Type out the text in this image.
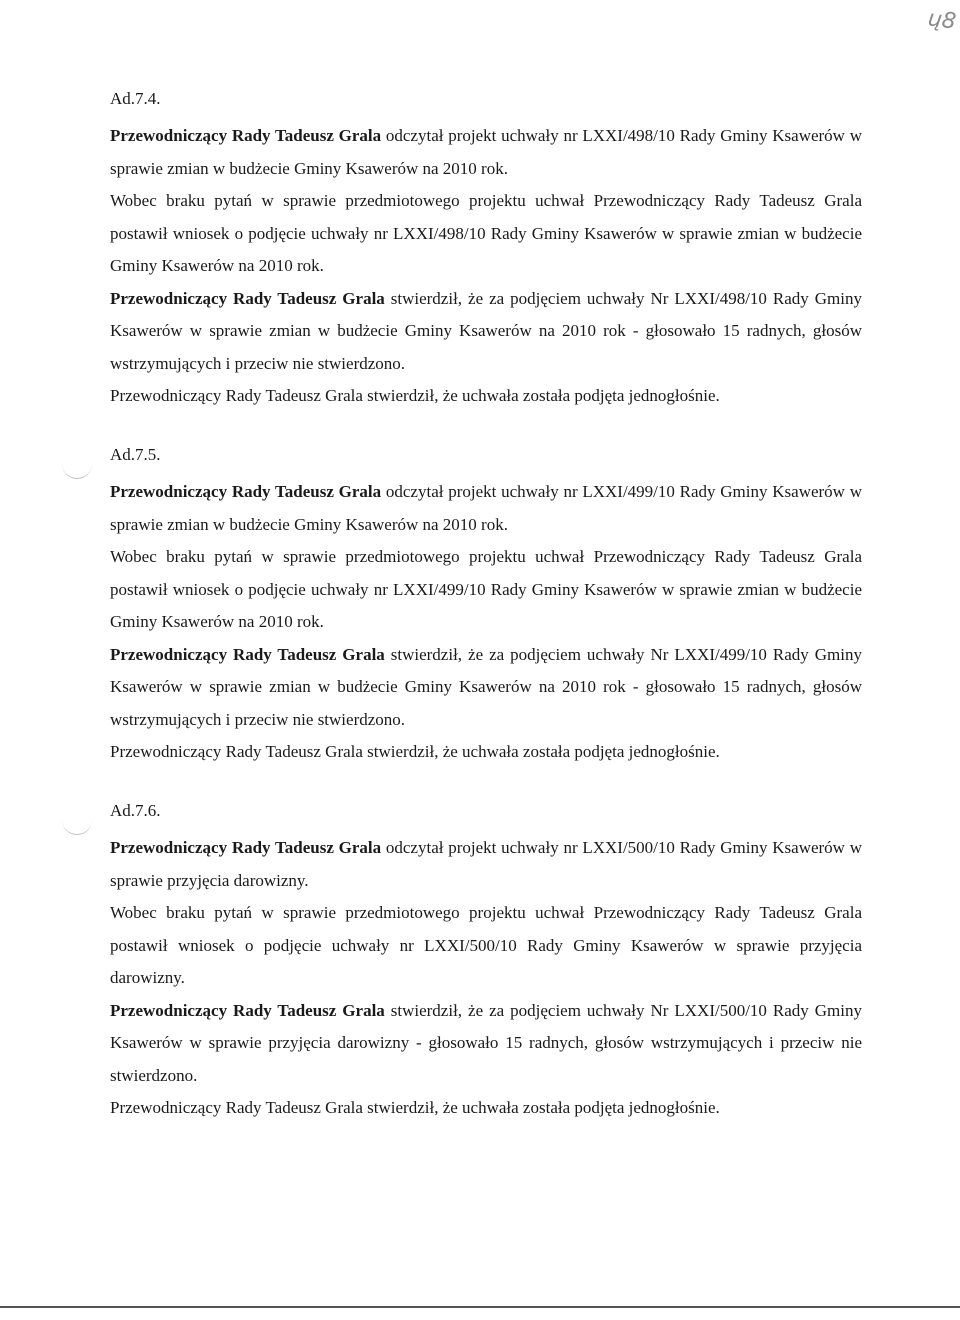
ų8
Ad.7.4.

Przewodniczący Rady Tadeusz Grala odczytał projekt uchwały nr LXXI/498/10 Rady Gminy Ksawerów w sprawie zmian w budżecie Gminy Ksawerów na 2010 rok.

Wobec braku pytań w sprawie przedmiotowego projektu uchwał Przewodniczący Rady Tadeusz Grala postawił wniosek o podjęcie uchwały nr LXXI/498/10 Rady Gminy Ksawerów w sprawie zmian w budżecie Gminy Ksawerów na 2010 rok.

Przewodniczący Rady Tadeusz Grala stwierdził, że za podjęciem uchwały Nr LXXI/498/10 Rady Gminy Ksawerów w sprawie zmian w budżecie Gminy Ksawerów na 2010 rok - głosowało 15 radnych, głosów wstrzymujących i przeciw nie stwierdzono.

Przewodniczący Rady Tadeusz Grala stwierdził, że uchwała została podjęta jednogłośnie.

Ad.7.5.

Przewodniczący Rady Tadeusz Grala odczytał projekt uchwały nr LXXI/499/10 Rady Gminy Ksawerów w sprawie zmian w budżecie Gminy Ksawerów na 2010 rok.

Wobec braku pytań w sprawie przedmiotowego projektu uchwał Przewodniczący Rady Tadeusz Grala postawił wniosek o podjęcie uchwały nr LXXI/499/10 Rady Gminy Ksawerów w sprawie zmian w budżecie Gminy Ksawerów na 2010 rok.

Przewodniczący Rady Tadeusz Grala stwierdził, że za podjęciem uchwały Nr LXXI/499/10 Rady Gminy Ksawerów w sprawie zmian w budżecie Gminy Ksawerów na 2010 rok - głosowało 15 radnych, głosów wstrzymujących i przeciw nie stwierdzono.

Przewodniczący Rady Tadeusz Grala stwierdził, że uchwała została podjęta jednogłośnie.

Ad.7.6.

Przewodniczący Rady Tadeusz Grala odczytał projekt uchwały nr LXXI/500/10 Rady Gminy Ksawerów w sprawie przyjęcia darowizny.

Wobec braku pytań w sprawie przedmiotowego projektu uchwał Przewodniczący Rady Tadeusz Grala postawił wniosek o podjęcie uchwały nr LXXI/500/10 Rady Gminy Ksawerów w sprawie przyjęcia darowizny.

Przewodniczący Rady Tadeusz Grala stwierdził, że za podjęciem uchwały Nr LXXI/500/10 Rady Gminy Ksawerów w sprawie przyjęcia darowizny - głosowało 15 radnych, głosów wstrzymujących i przeciw nie stwierdzono.

Przewodniczący Rady Tadeusz Grala stwierdził, że uchwała została podjęta jednogłośnie.
